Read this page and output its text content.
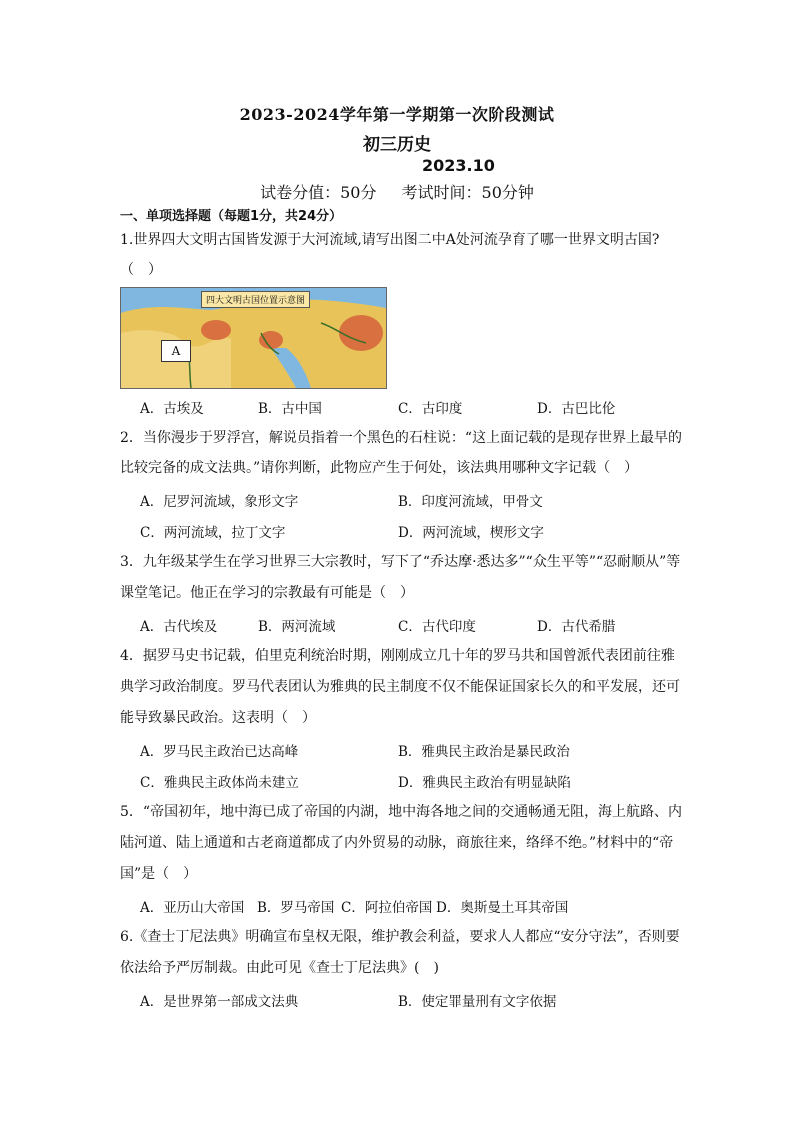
2023-2024学年第一学期第一次阶段测试
初三历史
2023.10
试卷分值：50分 考试时间：50分钟
一、单项选择题（每题1分，共24分）
1.世界四大文明古国皆发源于大河流域,请写出图二中A处河流孕育了哪一世界文明古国?
（　）
四大文明古国位置示意图
A
A．古埃及	B．古中国	C．古印度	D．古巴比伦
2．当你漫步于罗浮宫，解说员指着一个黑色的石柱说：“这上面记载的是现存世界上最早的
比较完备的成文法典。”请你判断，此物应产生于何处，该法典用哪种文字记载（　）
A．尼罗河流域，象形文字	B．印度河流域，甲骨文
C．两河流域，拉丁文字	D．两河流域，楔形文字
3．九年级某学生在学习世界三大宗教时，写下了“乔达摩·悉达多”“众生平等”“忍耐顺从”等
课堂笔记。他正在学习的宗教最有可能是（　）
A．古代埃及	B．两河流域	C．古代印度	D．古代希腊
4．据罗马史书记载，伯里克利统治时期，刚刚成立几十年的罗马共和国曾派代表团前往雅
典学习政治制度。罗马代表团认为雅典的民主制度不仅不能保证国家长久的和平发展，还可
能导致暴民政治。这表明（　）
A．罗马民主政治已达高峰	B．雅典民主政治是暴民政治
C．雅典民主政体尚未建立	D．雅典民主政治有明显缺陷
5．“帝国初年，地中海已成了帝国的内湖，地中海各地之间的交通畅通无阻，海上航路、内
陆河道、陆上通道和古老商道都成了内外贸易的动脉，商旅往来，络绎不绝。”材料中的“帝
国”是（　）
A．亚历山大帝国 B．罗马帝国 C．阿拉伯帝国 D．奥斯曼土耳其帝国
6.《查士丁尼法典》明确宣布皇权无限，维护教会利益，要求人人都应“安分守法”，否则要
依法给予严厉制裁。由此可见《查士丁尼法典》(　)
A．是世界第一部成文法典	B．使定罪量刑有文字依据
